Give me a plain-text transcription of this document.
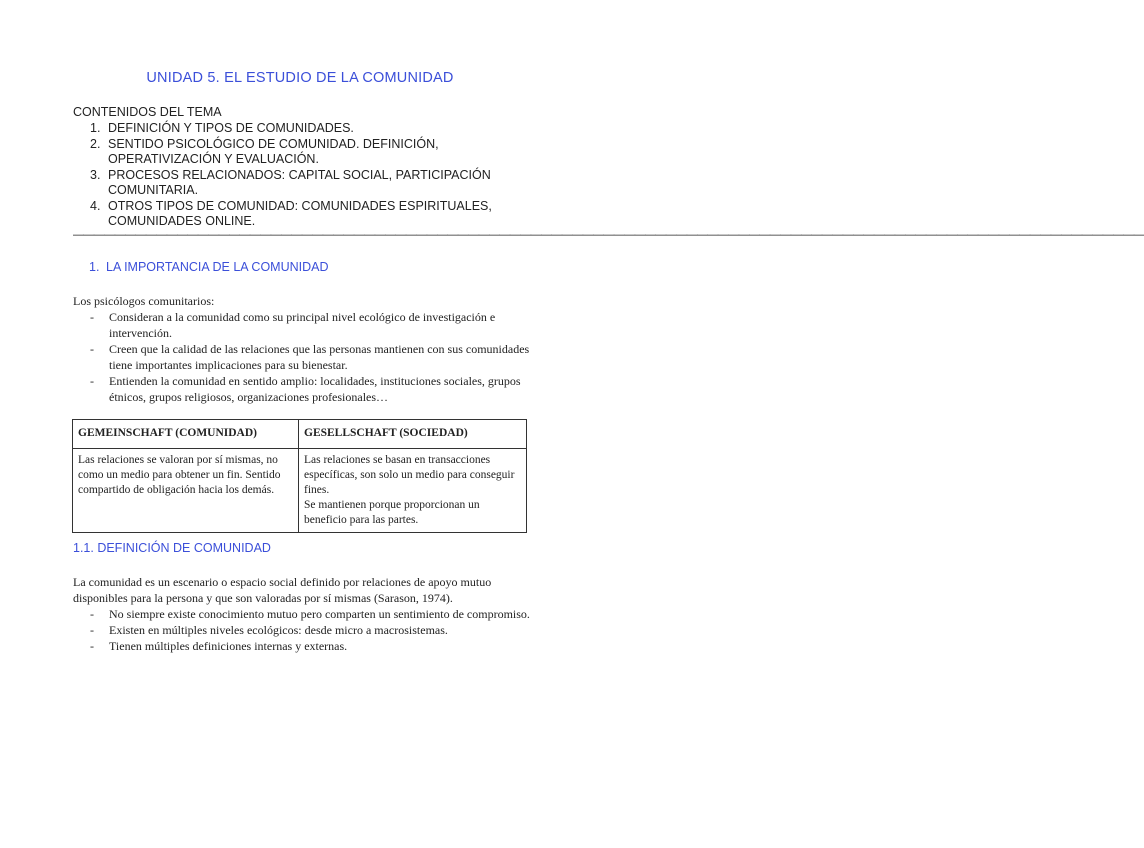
UNIDAD 5. EL ESTUDIO DE LA COMUNIDAD
CONTENIDOS DEL TEMA
1. DEFINICIÓN Y TIPOS DE COMUNIDADES.
2. SENTIDO PSICOLÓGICO DE COMUNIDAD. DEFINICIÓN, OPERATIVIZACIÓN Y EVALUACIÓN.
3. PROCESOS RELACIONADOS: CAPITAL SOCIAL, PARTICIPACIÓN COMUNITARIA.
4. OTROS TIPOS DE COMUNIDAD: COMUNIDADES ESPIRITUALES, COMUNIDADES ONLINE.
———————————————————————————————————————————————————————————————————————————————————————————————————————
1. LA IMPORTANCIA DE LA COMUNIDAD
Los psicólogos comunitarios:
- Consideran a la comunidad como su principal nivel ecológico de investigación e intervención.
- Creen que la calidad de las relaciones que las personas mantienen con sus comunidades tiene importantes implicaciones para su bienestar.
- Entienden la comunidad en sentido amplio: localidades, instituciones sociales, grupos étnicos, grupos religiosos, organizaciones profesionales…
GEMEINSCHAFT (COMUNIDAD)	GESELLSCHAFT (SOCIEDAD)
Las relaciones se valoran por sí mismas, no como un medio para obtener un fin. Sentido compartido de obligación hacia los demás.	Las relaciones se basan en transacciones específicas, son solo un medio para conseguir fines.
Se mantienen porque proporcionan un beneficio para las partes.
1.1. DEFINICIÓN DE COMUNIDAD
La comunidad es un escenario o espacio social definido por relaciones de apoyo mutuo disponibles para la persona y que son valoradas por sí mismas (Sarason, 1974).
- No siempre existe conocimiento mutuo pero comparten un sentimiento de compromiso.
- Existen en múltiples niveles ecológicos: desde micro a macrosistemas.
- Tienen múltiples definiciones internas y externas.
